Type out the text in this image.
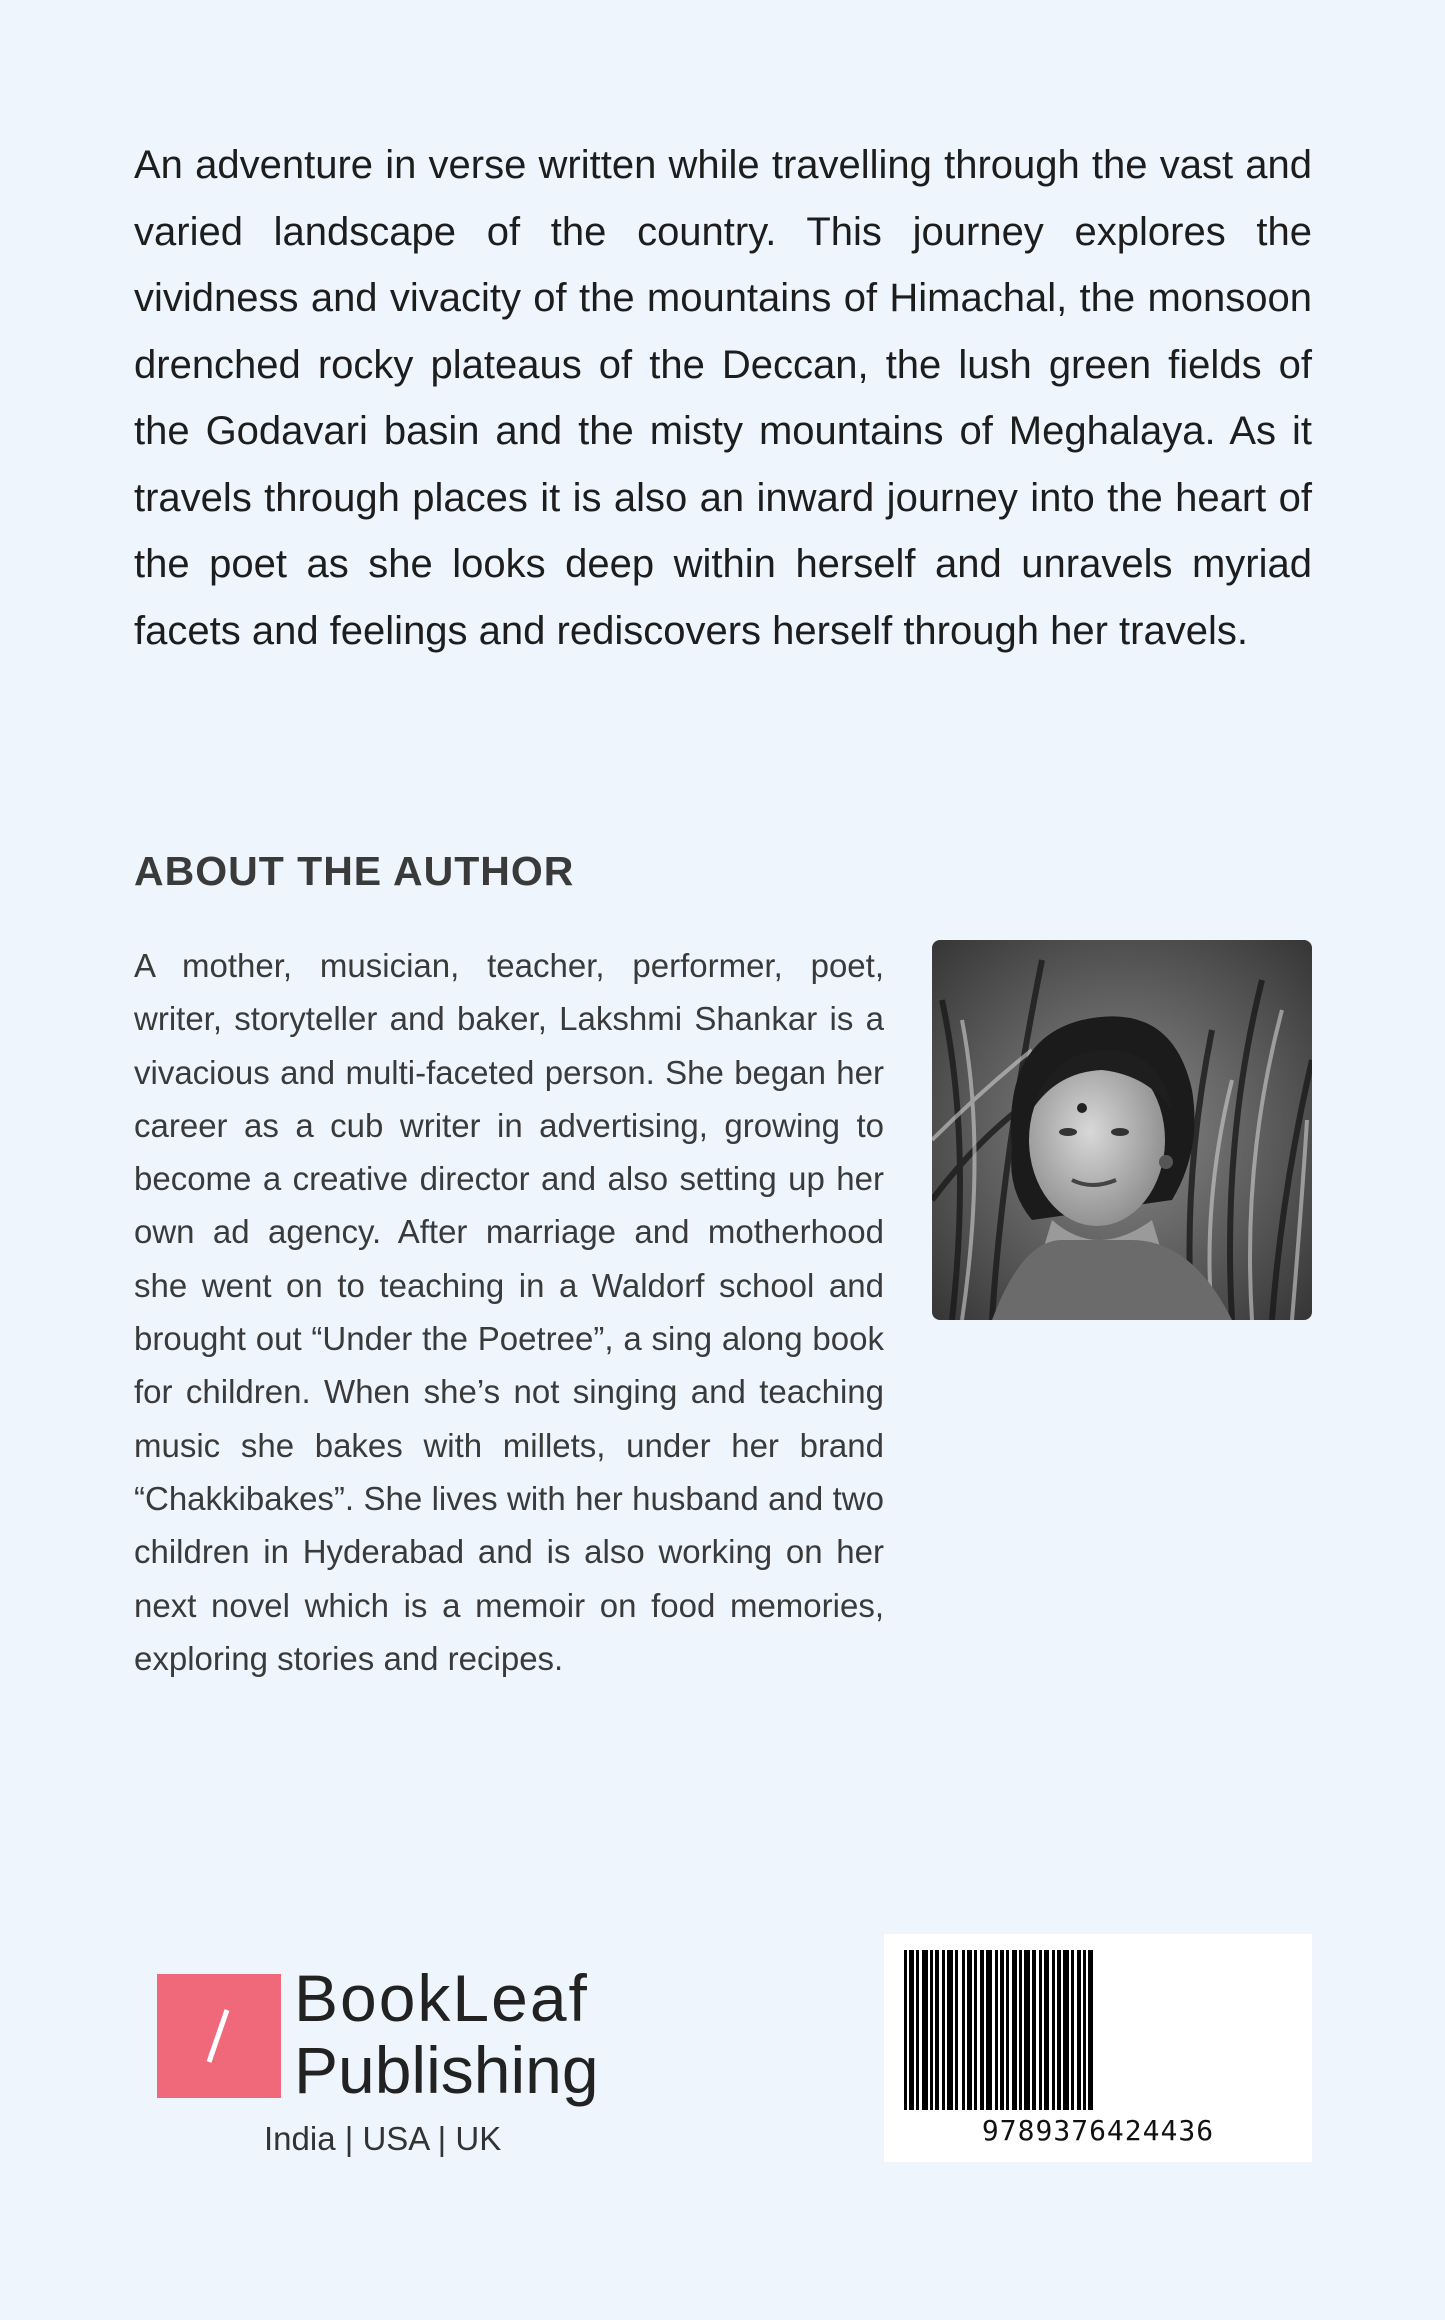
An adventure in verse written while travelling through the vast and varied landscape of the country. This journey explores the vividness and vivacity of the mountains of Himachal, the monsoon drenched rocky plateaus of the Deccan, the lush green fields of the Godavari basin and the misty mountains of Meghalaya. As it travels through places it is also an inward journey into the heart of the poet as she looks deep within herself and unravels myriad facets and feelings and rediscovers herself through her travels.

ABOUT THE AUTHOR

A mother, musician, teacher, performer, poet, writer, storyteller and baker, Lakshmi Shankar is a vivacious and multi-faceted person. She began her career as a cub writer in advertising, growing to become a creative director and also setting up her own ad agency. After marriage and motherhood she went on to teaching in a Waldorf school and brought out “Under the Poetree”, a sing along book for children. When she’s not singing and teaching music she bakes with millets, under her brand “Chakkibakes”. She lives with her husband and two children in Hyderabad and is also working on her next novel which is a memoir on food memories, exploring stories and recipes.

BookLeaf
Publishing
India | USA | UK	9789376424436
